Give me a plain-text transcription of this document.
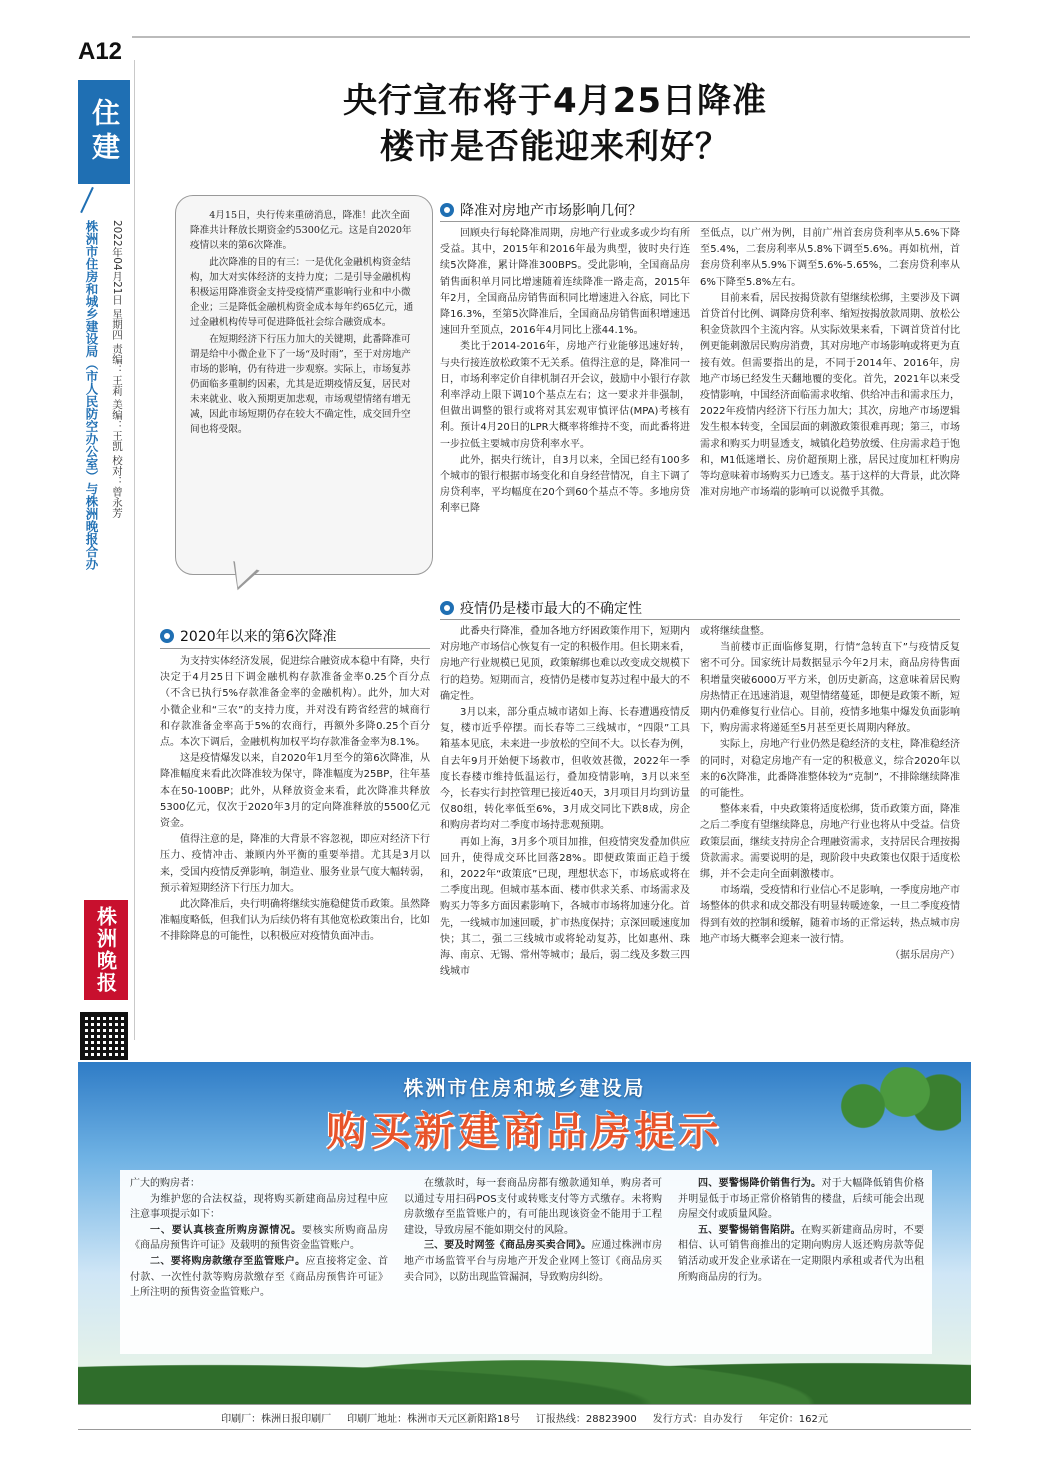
A12
住建
株洲市住房和城乡建设局（市人民防空办公室）与株洲晚报合办 2022年04月21日 星期四 责编：王莉 美编：王凯 校对：曾永芳
株洲晚报
央行宣布将于4月25日降准
楼市是否能迎来利好？

4月15日，央行传来重磅消息，降准！此次全面降准共计释放长期资金约5300亿元。这是自2020年疫情以来的第6次降准。

此次降准的目的有三：一是优化金融机构资金结构，加大对实体经济的支持力度；二是引导金融机构积极运用降准资金支持受疫情严重影响行业和中小微企业；三是降低金融机构资金成本每年约65亿元，通过金融机构传导可促进降低社会综合融资成本。

在短期经济下行压力加大的关键期，此番降准可谓是给中小微企业下了一场“及时雨”，至于对房地产市场的影响，仍有待进一步观察。实际上，市场复苏仍面临多重制约因素，尤其是近期疫情反复，居民对未来就业、收入预期更加悲观，市场观望情绪有增无减，因此市场短期仍存在较大不确定性，成交回升空间也将受限。

2020年以来的第6次降准

为支持实体经济发展，促进综合融资成本稳中有降，央行决定于4月25日下调金融机构存款准备金率0.25个百分点（不含已执行5%存款准备金率的金融机构）。此外，加大对小微企业和“三农”的支持力度，并对没有跨省经营的城商行和存款准备金率高于5%的农商行，再额外多降0.25个百分点。本次下调后，金融机构加权平均存款准备金率为8.1%。

这是疫情爆发以来，自2020年1月至今的第6次降准，从降准幅度来看此次降准较为保守，降准幅度为25BP，往年基本在50-100BP；此外，从释放资金来看，此次降准共释放5300亿元，仅次于2020年3月的定向降准释放的5500亿元资金。

值得注意的是，降准的大背景不容忽视，即应对经济下行压力、疫情冲击、兼顾内外平衡的重要举措。尤其是3月以来，受国内疫情反弹影响，制造业、服务业景气度大幅转弱，预示着短期经济下行压力加大。

此次降准后，央行明确将继续实施稳健货币政策。虽然降准幅度略低，但我们认为后续仍将有其他宽松政策出台，比如不排除降息的可能性，以积极应对疫情负面冲击。

降准对房地产市场影响几何？

回顾央行每轮降准周期，房地产行业或多或少均有所受益。其中，2015年和2016年最为典型，彼时央行连续5次降准，累计降准300BPS。受此影响，全国商品房销售面积单月同比增速随着连续降准一路走高，2015年年2月，全国商品房销售面积同比增速进入谷底，同比下降16.3%，至第5次降准后，全国商品房销售面积增速迅速回升至顶点，2016年4月同比上涨44.1%。

类比于2014-2016年，房地产行业能够迅速好转，与央行接连放松政策不无关系。值得注意的是，降准同一日，市场利率定价自律机制召开会议，鼓励中小银行存款利率浮动上限下调10个基点左右；这一要求并非强制，但做出调整的银行或将对其宏观审慎评估(MPA)考核有利。预计4月20日的LPR大概率将维持不变，而此番将进一步拉低主要城市房贷利率水平。

此外，据央行统计，自3月以来，全国已经有100多个城市的银行根据市场变化和自身经营情况，自主下调了房贷利率，平均幅度在20个到60个基点不等。多地房贷利率已降

至低点，以广州为例，目前广州首套房贷利率从5.6%下降至5.4%，二套房利率从5.8%下调至5.6%。再如杭州，首套房贷利率从5.9%下调至5.6%-5.65%，二套房贷利率从6%下降至5.8%左右。

目前来看，居民按揭贷款有望继续松绑，主要涉及下调首贷首付比例、调降房贷利率、缩短按揭放款周期、放松公积金贷款四个主流内容。从实际效果来看，下调首贷首付比例更能刺激居民购房消费，其对房地产市场影响或将更为直接有效。但需要指出的是，不同于2014年、2016年，房地产市场已经发生天翻地覆的变化。首先，2021年以来受疫情影响，中国经济面临需求收缩、供给冲击和需求压力，2022年疫情内经济下行压力加大；其次，房地产市场逻辑发生根本转变，全国层面的刺激政策很难再现；第三，市场需求和购买力明显透支，城镇化趋势放缓、住房需求趋于饱和，M1低迷增长、房价超预期上涨，居民过度加杠杆购房等均意味着市场购买力已透支。基于这样的大背景，此次降准对房地产市场端的影响可以说微乎其微。

疫情仍是楼市最大的不确定性

此番央行降准，叠加各地方纾困政策作用下，短期内对房地产市场信心恢复有一定的积极作用。但长期来看，房地产行业规模已见顶，政策解绑也难以改变成交规模下行的趋势。短期而言，疫情仍是楼市复苏过程中最大的不确定性。

3月以来，部分重点城市诸如上海、长春遭遇疫情反复，楼市近乎停摆。而长春等二三线城市，“四限”工具箱基本见底，未来进一步放松的空间不大。以长春为例，自去年9月开始便下场救市，但收效甚微，2022年一季度长春楼市维持低温运行，叠加疫情影响，3月以来至今，长春实行封控管理已接近40天，3月项目月均到访量仅80组，转化率低至6%，3月成交同比下跌8成，房企和购房者均对二季度市场持悲观预期。

再如上海，3月多个项目加推，但疫情突发叠加供应回升，使得成交环比回落28%。即便政策面正趋于缓和，2022年“政策底”已现，理想状态下，市场底或将在二季度出现。但城市基本面、楼市供求关系、市场需求及购买力等多方面因素影响下，各城市市场将加速分化。首先，一线城市加速回暖，扩市热度保持；京深回暖速度加快；其二，强二三线城市或将轮动复苏，比如惠州、珠海、南京、无锡、常州等城市；最后，弱二线及多数三四线城市

或将继续盘整。

当前楼市正面临修复期，行情“急转直下”与疫情反复密不可分。国家统计局数据显示今年2月末，商品房待售面积增量突破6000万平方米，创历史新高，这意味着居民购房热情正在迅速消退，观望情绪蔓延，即便是政策不断，短期内仍难修复行业信心。目前，疫情多地集中爆发负面影响下，购房需求将递延至5月甚至更长周期内释放。

实际上，房地产行业仍然是稳经济的支柱，降准稳经济的同时，对稳定房地产有一定的积极意义，综合2020年以来的6次降准，此番降准整体较为“克制”，不排除继续降准的可能性。

整体来看，中央政策将适度松绑，货币政策方面，降准之后二季度有望继续降息，房地产行业也将从中受益。信贷政策层面，继续支持房企合理融资需求，支持居民合理按揭贷款需求。需要说明的是，现阶段中央政策也仅限于适度松绑，并不会走向全面刺激楼市。

市场端，受疫情和行业信心不足影响，一季度房地产市场整体的供求和成交都没有明显转暖迹象，一旦二季度疫情得到有效的控制和缓解，随着市场的正常运转，热点城市房地产市场大概率会迎来一波行情。

（据乐居房产）

株洲市住房和城乡建设局
购买新建商品房提示

广大的购房者：

为维护您的合法权益，现将购买新建商品房过程中应注意事项提示如下：

一、要认真核查所购房源情况。要核实所购商品房《商品房预售许可证》及载明的预售资金监管账户。

二、要将购房款缴存至监管账户。应直接将定金、首付款、一次性付款等购房款缴存至《商品房预售许可证》上所注明的预售资金监管账户。

在缴款时，每一套商品房都有缴款通知单，购房者可以通过专用扫码POS支付或转账支付等方式缴存。未将购房款缴存至监管账户的，有可能出现该资金不能用于工程建设，导致房屋不能如期交付的风险。

三、要及时网签《商品房买卖合同》。应通过株洲市房地产市场监管平台与房地产开发企业网上签订《商品房买卖合同》，以防出现监管漏洞，导致购房纠纷。

四、要警惕降价销售行为。对于大幅降低销售价格并明显低于市场正常价格销售的楼盘，后续可能会出现房屋交付或质量风险。

五、要警惕销售陷阱。在购买新建商品房时，不要相信、认可销售商推出的定期向购房人返还购房款等促销活动或开发企业承诺在一定期限内承租或者代为出租所购商品房的行为。

印刷厂：株洲日报印刷厂 印刷厂地址：株洲市天元区新阳路18号 订报热线：28823900 发行方式：自办发行 年定价：162元
